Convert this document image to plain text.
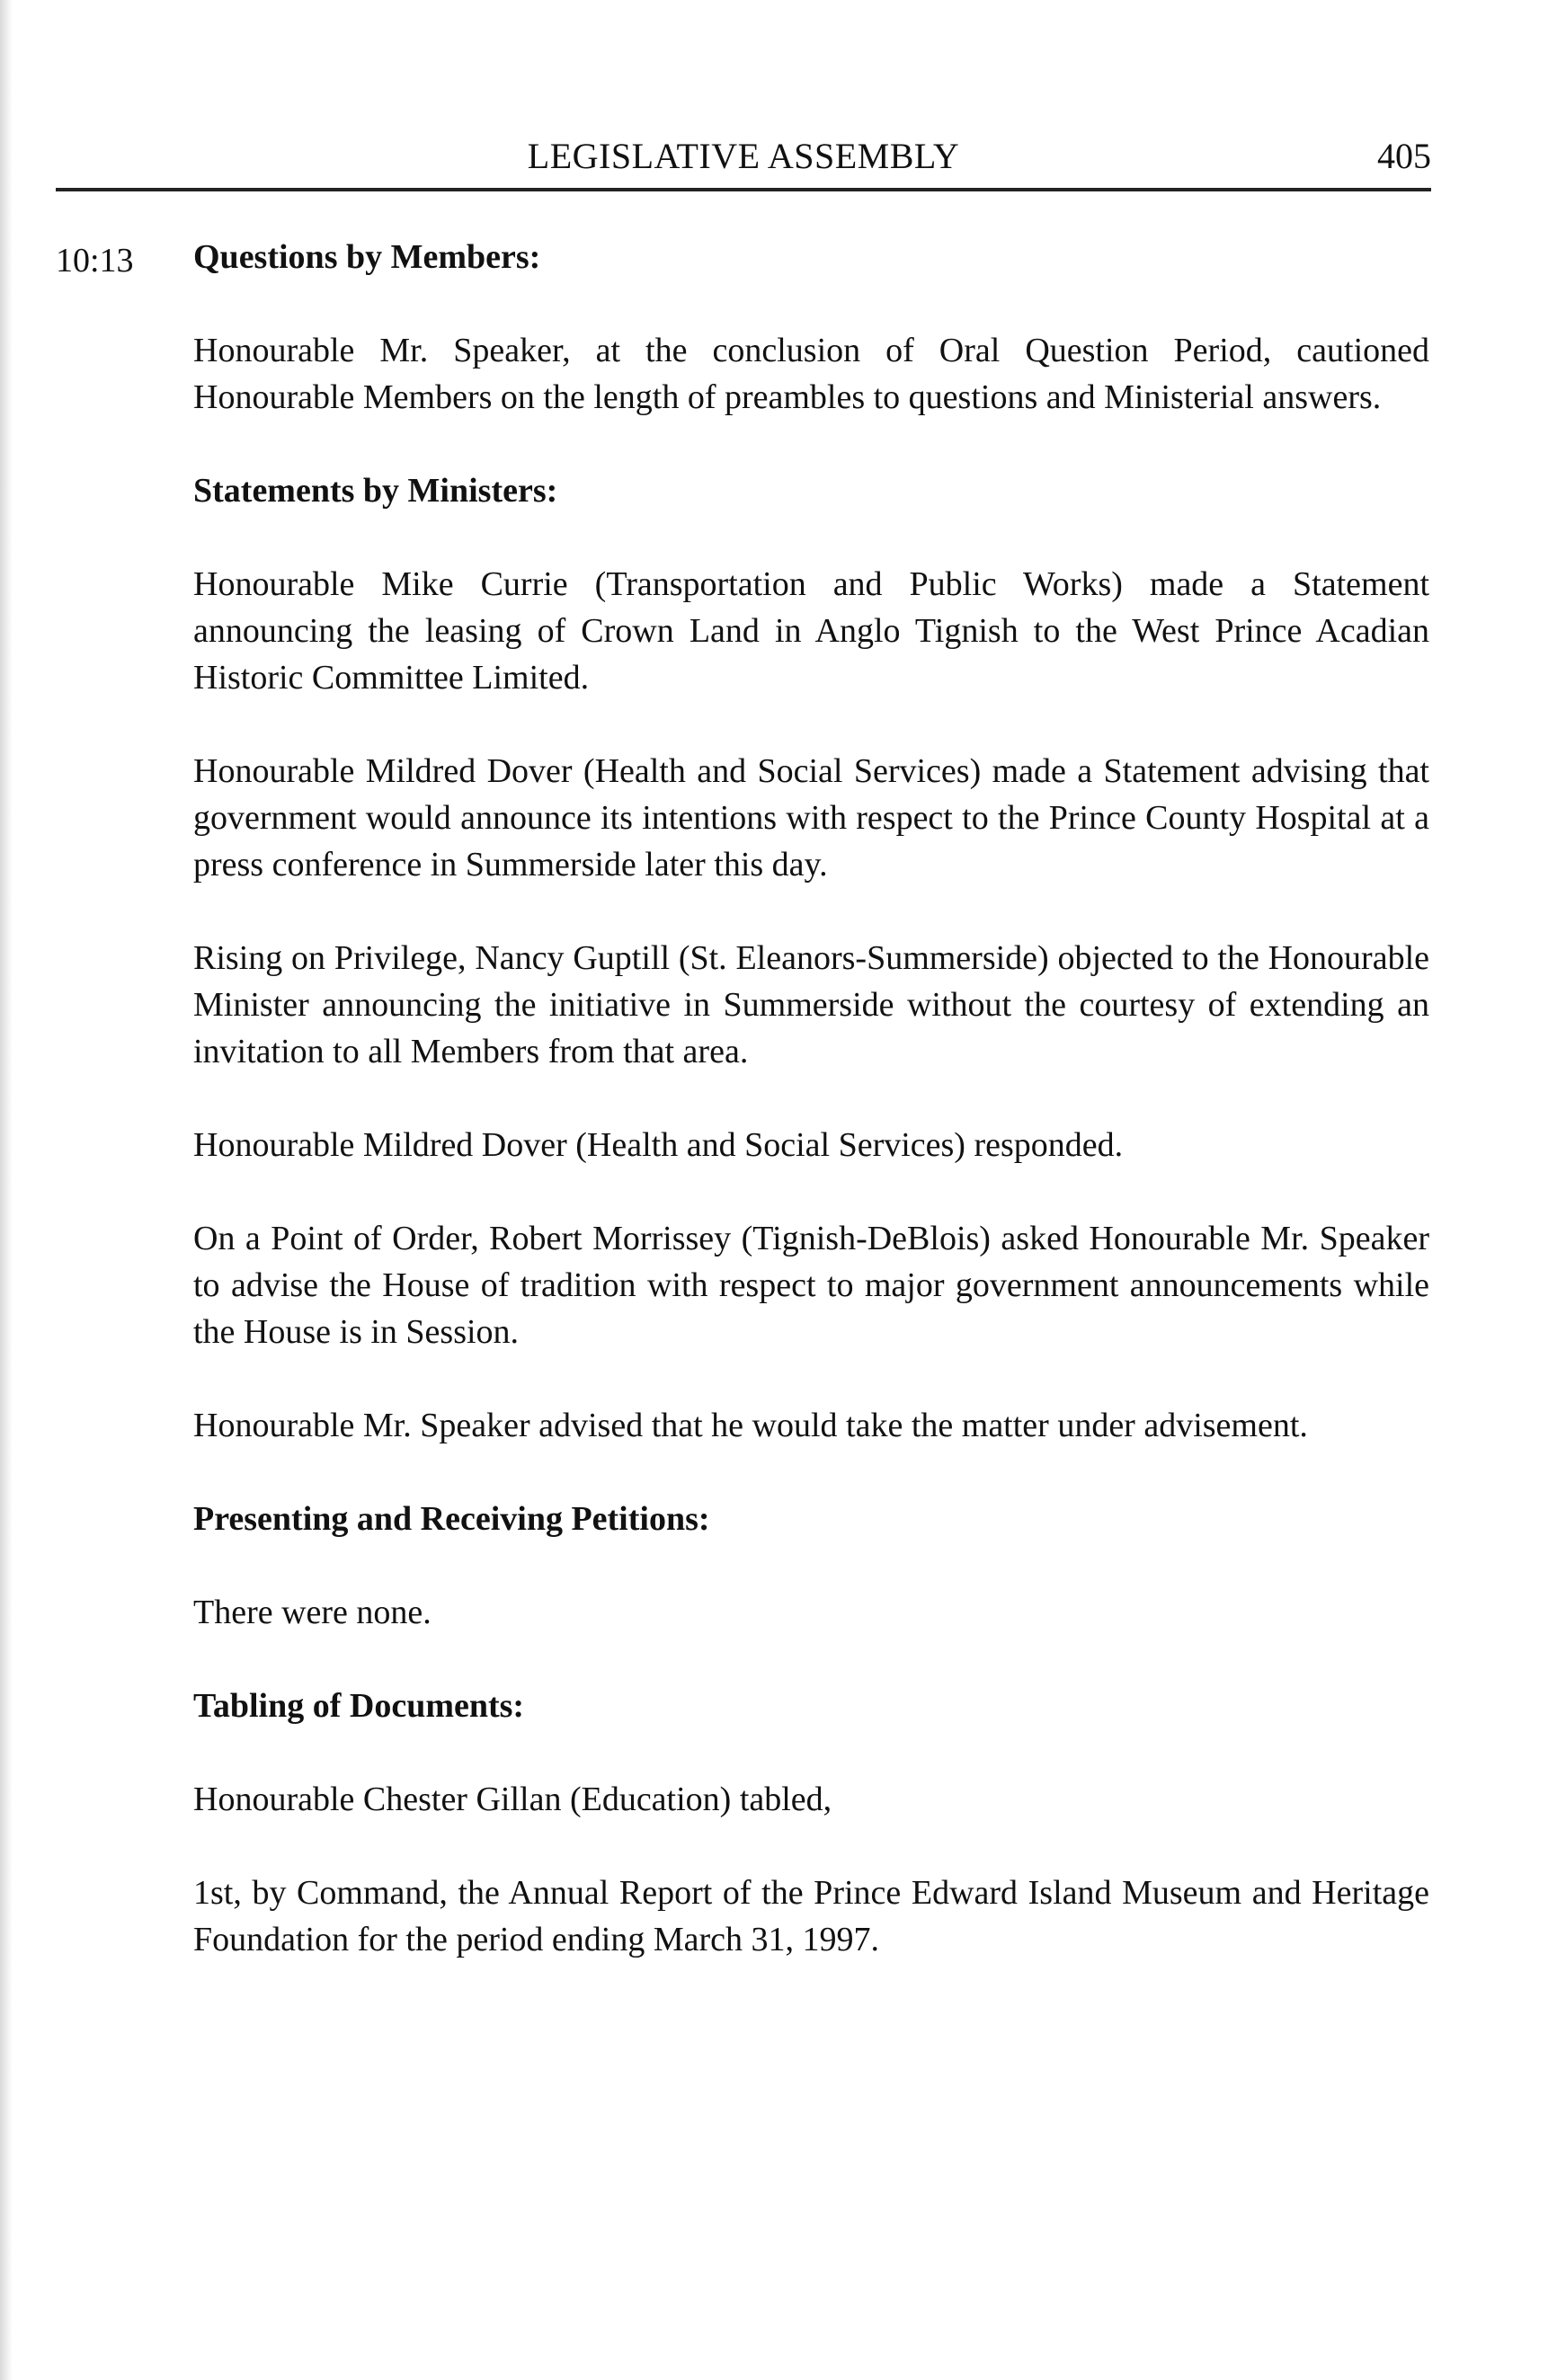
LEGISLATIVE ASSEMBLY	405
10:13 Questions by Members:

Honourable Mr. Speaker, at the conclusion of Oral Question Period, cautioned Honourable Members on the length of preambles to questions and Ministerial answers.

Statements by Ministers:

Honourable Mike Currie (Transportation and Public Works) made a Statement announcing the leasing of Crown Land in Anglo Tignish to the West Prince Acadian Historic Committee Limited.

Honourable Mildred Dover (Health and Social Services) made a Statement advising that government would announce its intentions with respect to the Prince County Hospital at a press conference in Summerside later this day.

Rising on Privilege, Nancy Guptill (St. Eleanors-Summerside) objected to the Honourable Minister announcing the initiative in Summerside without the courtesy of extending an invitation to all Members from that area.

Honourable Mildred Dover (Health and Social Services) responded.

On a Point of Order, Robert Morrissey (Tignish-DeBlois) asked Honourable Mr. Speaker to advise the House of tradition with respect to major government announcements while the House is in Session.

Honourable Mr. Speaker advised that he would take the matter under advisement.

Presenting and Receiving Petitions:

There were none.

Tabling of Documents:

Honourable Chester Gillan (Education) tabled,

1st, by Command, the Annual Report of the Prince Edward Island Museum and Heritage Foundation for the period ending March 31, 1997.
